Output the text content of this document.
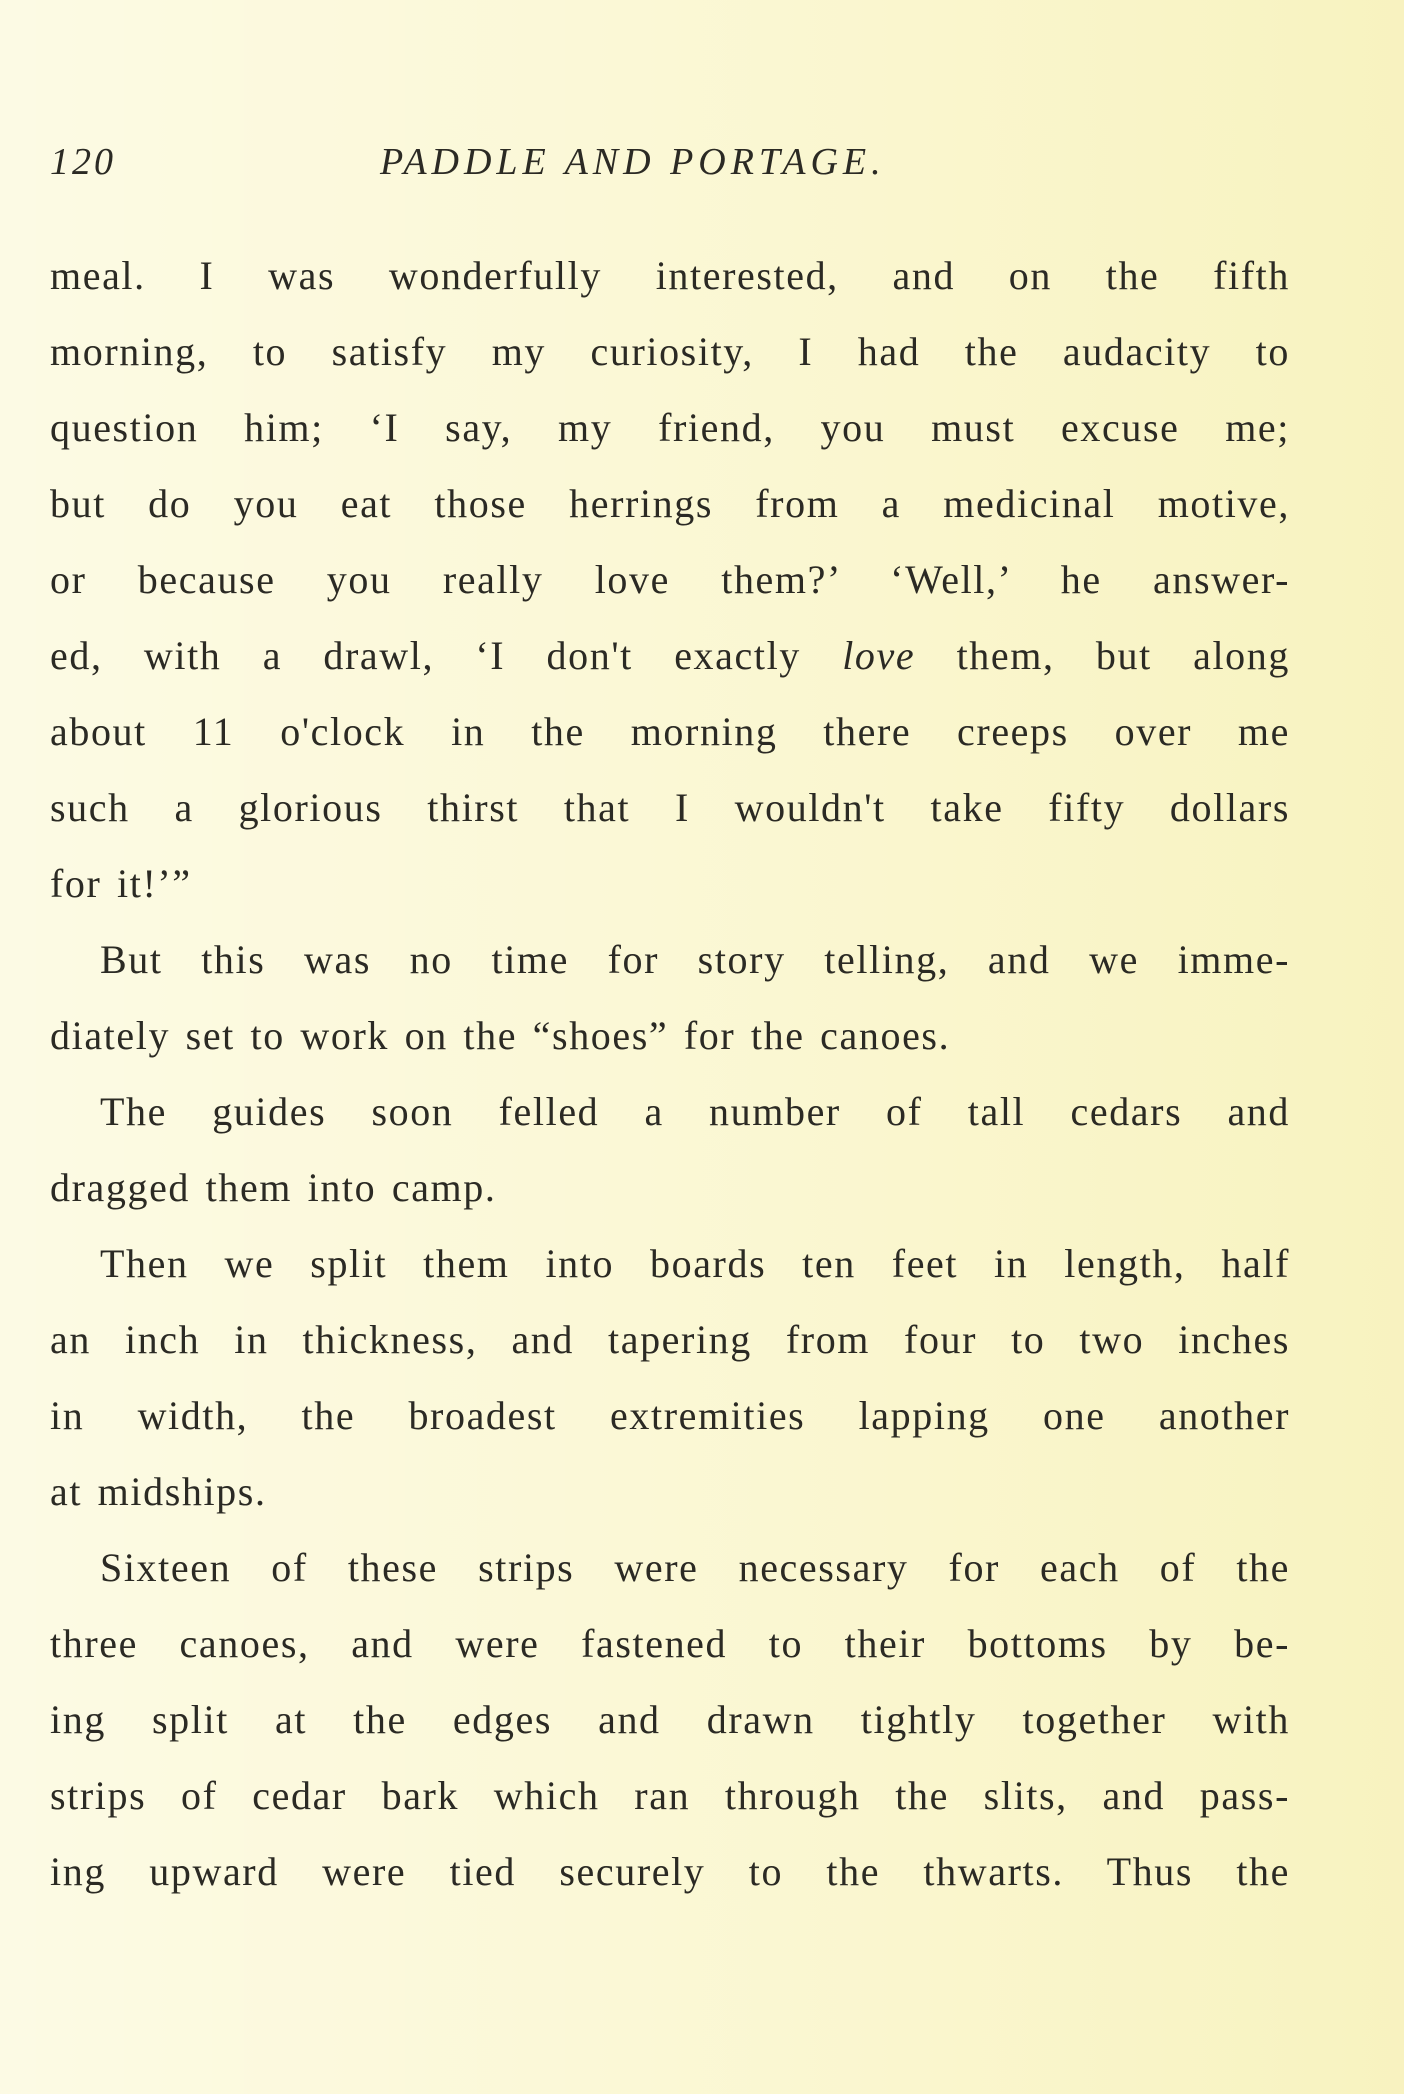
120	PADDLE AND PORTAGE.
meal. I was wonderfully interested, and on the fifth
morning, to satisfy my curiosity, I had the audacity to
question him; ‘I say, my friend, you must excuse me;
but do you eat those herrings from a medicinal motive,
or because you really love them?’ ‘Well,’ he answer-
ed, with a drawl, ‘I don't exactly love them, but along
about 11 o'clock in the morning there creeps over me
such a glorious thirst that I wouldn't take fifty dollars
for it!’”
But this was no time for story telling, and we imme-
diately set to work on the “shoes” for the canoes.
The guides soon felled a number of tall cedars and
dragged them into camp.
Then we split them into boards ten feet in length, half
an inch in thickness, and tapering from four to two inches
in width, the broadest extremities lapping one another
at midships.
Sixteen of these strips were necessary for each of the
three canoes, and were fastened to their bottoms by be-
ing split at the edges and drawn tightly together with
strips of cedar bark which ran through the slits, and pass-
ing upward were tied securely to the thwarts. Thus the
